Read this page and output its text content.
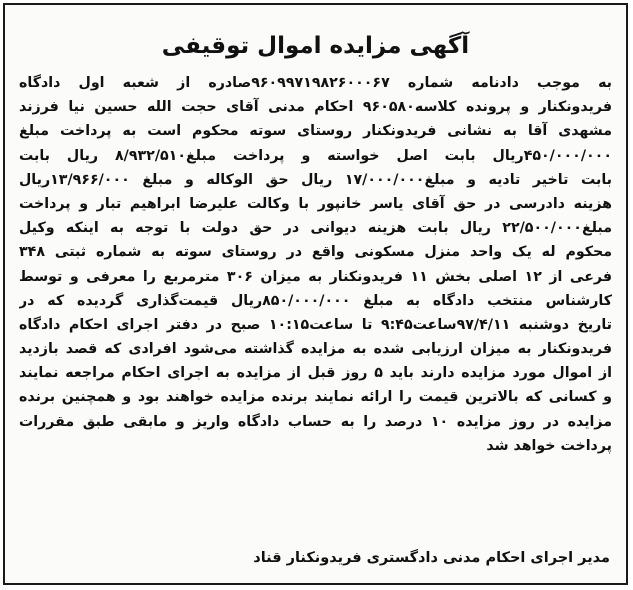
آگهی مزایده اموال توقیفی
به موجب دادنامه شماره ۹۶۰۹۹۷۱۹۸۲۶۰۰۰۶۷صادره از شعبه اول دادگاه
فریدونکنار و پرونده کلاسه۹۶۰۵۸۰ احکام مدنی آقای حجت الله حسین نیا فرزند
مشهدی آقا به نشانی فریدونکنار روستای سوته محکوم است به پرداخت مبلغ
۴۵۰/۰۰۰/۰۰۰ریال بابت اصل خواسته و پرداخت مبلغ۸/۹۳۲/۵۱۰ ریال بابت
بابت تاخیر تادیه و مبلغ۱۷/۰۰۰/۰۰۰ ریال حق الوکاله و مبلغ ۱۳/۹۶۶/۰۰۰ریال
هزینه دادرسی در حق آقای یاسر خانپور با وکالت علیرضا ابراهیم تبار و پرداخت
مبلغ۲۲/۵۰۰/۰۰۰ ریال بابت هزینه دیوانی در حق دولت با توجه به اینکه وکیل
محکوم له یک واحد منزل مسکونی واقع در روستای سوته به شماره ثبتی ۳۴۸
فرعی از ۱۲ اصلی بخش ۱۱ فریدونکنار به میزان ۳۰۶ مترمربع را معرفی و توسط
کارشناس منتخب دادگاه به مبلغ ۸۵۰/۰۰۰/۰۰۰ریال قیمت‌گذاری گردیده که در
تاریخ دوشنبه ۹۷/۴/۱۱ساعت۹:۴۵ تا ساعت۱۰:۱۵ صبح در دفتر اجرای احکام دادگاه
فریدونکنار به میزان ارزیابی شده به مزایده گذاشته می‌شود افرادی که قصد بازدید
از اموال مورد مزایده دارند باید ۵ روز قبل از مزایده به اجرای احکام مراجعه نمایند
و کسانی که بالاترین قیمت را ارائه نمایند برنده مزایده خواهند بود و همچنین برنده
مزایده در روز مزایده ۱۰ درصد را به حساب دادگاه واریز و مابقی طبق مقررات
پرداخت خواهد شد
مدیر اجرای احکام مدنی دادگستری فریدونکنار قناد
